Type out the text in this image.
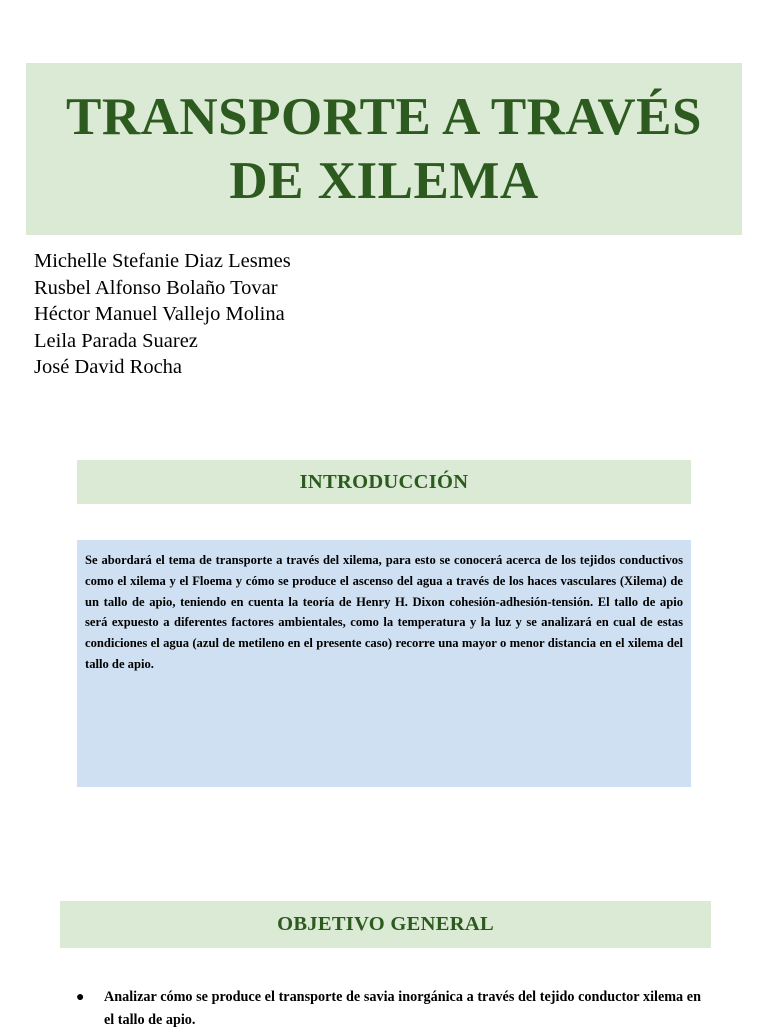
TRANSPORTE A TRAVÉS
DE XILEMA
Michelle Stefanie Diaz Lesmes
Rusbel Alfonso Bolaño Tovar
Héctor Manuel Vallejo Molina
Leila Parada Suarez
José David Rocha
INTRODUCCIÓN

Se abordará el tema de transporte a través del xilema, para esto se conocerá acerca de los tejidos conductivos como el xilema y el Floema y cómo se produce el ascenso del agua a través de los haces vasculares (Xilema) de un tallo de apio, teniendo en cuenta la teoría de Henry H. Dixon cohesión-adhesión-tensión. El tallo de apio será expuesto a diferentes factores ambientales, como la temperatura y la luz y se analizará en cual de estas condiciones el agua (azul de metileno en el presente caso) recorre una mayor o menor distancia en el xilema del tallo de apio.

OBJETIVO GENERAL
●	Analizar cómo se produce el transporte de savia inorgánica a través del tejido conductor xilema en el tallo de apio.
